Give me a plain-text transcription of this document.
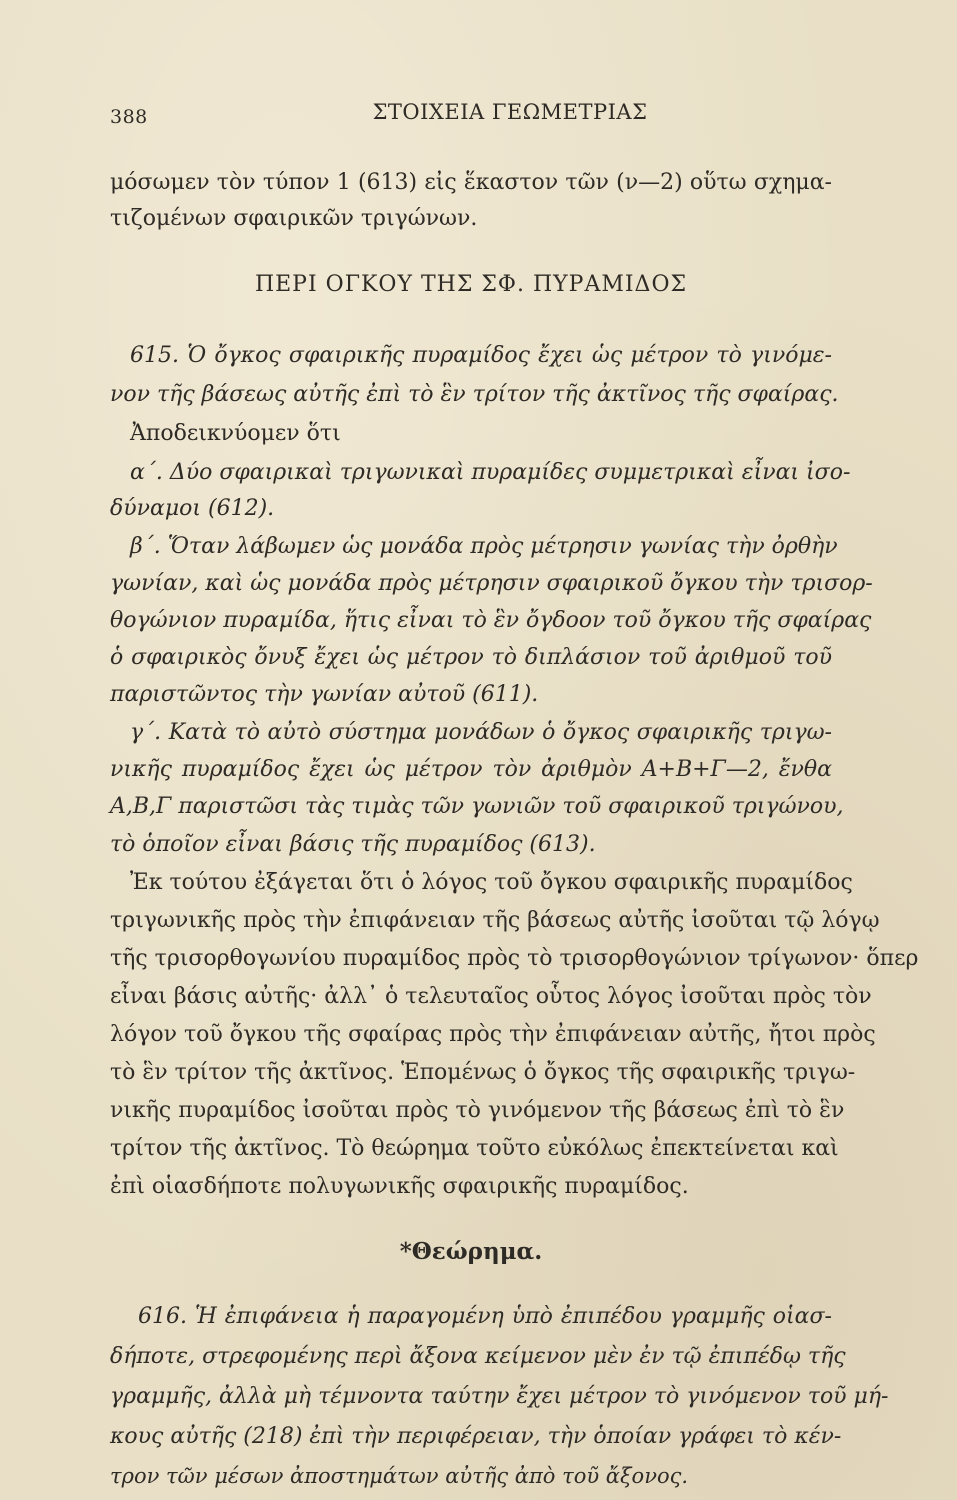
388	ΣΤΟΙΧΕΙΑ ΓΕΩΜΕΤΡΙΑΣ
μόσωμεν τὸν τύπον 1 (613) εἰς ἕκαστον τῶν (ν—2) οὕτω σχημα-
τιζομένων σφαιρικῶν τριγώνων.
ΠΕΡΙ ΟΓΚΟΥ ΤΗΣ ΣΦ. ΠΥΡΑΜΙΔΟΣ
615. Ὁ ὄγκος σφαιρικῆς πυραμίδος ἔχει ὡς μέτρον τὸ γινόμε-
νον τῆς βάσεως αὐτῆς ἐπὶ τὸ ἓν τρίτον τῆς ἀκτῖνος τῆς σφαίρας.
Ἀποδεικνύομεν ὅτι
α΄. Δύο σφαιρικαὶ τριγωνικαὶ πυραμίδες συμμετρικαὶ εἶναι ἰσο-
δύναμοι (612).
β΄. Ὅταν λάβωμεν ὡς μονάδα πρὸς μέτρησιν γωνίας τὴν ὀρθὴν
γωνίαν, καὶ ὡς μονάδα πρὸς μέτρησιν σφαιρικοῦ ὄγκου τὴν τρισορ-
θογώνιον πυραμίδα, ἥτις εἶναι τὸ ἓν ὄγδοον τοῦ ὄγκου τῆς σφαίρας
ὁ σφαιρικὸς ὄνυξ ἔχει ὡς μέτρον τὸ διπλάσιον τοῦ ἀριθμοῦ τοῦ
παριστῶντος τὴν γωνίαν αὐτοῦ (611).
γ΄. Κατὰ τὸ αὐτὸ σύστημα μονάδων ὁ ὄγκος σφαιρικῆς τριγω-
νικῆς πυραμίδος ἔχει ὡς μέτρον τὸν ἀριθμὸν Α+Β+Γ—2, ἔνθα
Α,Β,Γ παριστῶσι τὰς τιμὰς τῶν γωνιῶν τοῦ σφαιρικοῦ τριγώνου,
τὸ ὁποῖον εἶναι βάσις τῆς πυραμίδος (613).
Ἐκ τούτου ἐξάγεται ὅτι ὁ λόγος τοῦ ὄγκου σφαιρικῆς πυραμίδος
τριγωνικῆς πρὸς τὴν ἐπιφάνειαν τῆς βάσεως αὐτῆς ἰσοῦται τῷ λόγῳ
τῆς τρισορθογωνίου πυραμίδος πρὸς τὸ τρισορθογώνιον τρίγωνον· ὅπερ
εἶναι βάσις αὐτῆς· ἀλλ᾽ ὁ τελευταῖος οὗτος λόγος ἰσοῦται πρὸς τὸν
λόγον τοῦ ὄγκου τῆς σφαίρας πρὸς τὴν ἐπιφάνειαν αὐτῆς, ἤτοι πρὸς
τὸ ἓν τρίτον τῆς ἀκτῖνος. Ἑπομένως ὁ ὄγκος τῆς σφαιρικῆς τριγω-
νικῆς πυραμίδος ἰσοῦται πρὸς τὸ γινόμενον τῆς βάσεως ἐπὶ τὸ ἓν
τρίτον τῆς ἀκτῖνος. Τὸ θεώρημα τοῦτο εὐκόλως ἐπεκτείνεται καὶ
ἐπὶ οἱασδήποτε πολυγωνικῆς σφαιρικῆς πυραμίδος.
*Θεώρημα.
616. Ἡ ἐπιφάνεια ἡ παραγομένη ὑπὸ ἐπιπέδου γραμμῆς οἱασ-
δήποτε, στρεφομένης περὶ ἄξονα κείμενον μὲν ἐν τῷ ἐπιπέδῳ τῆς
γραμμῆς, ἀλλὰ μὴ τέμνοντα ταύτην ἔχει μέτρον τὸ γινόμενον τοῦ μή-
κους αὐτῆς (218) ἐπὶ τὴν περιφέρειαν, τὴν ὁποίαν γράφει τὸ κέν-
τρον τῶν μέσων ἀποστημάτων αὐτῆς ἀπὸ τοῦ ἄξονος.
